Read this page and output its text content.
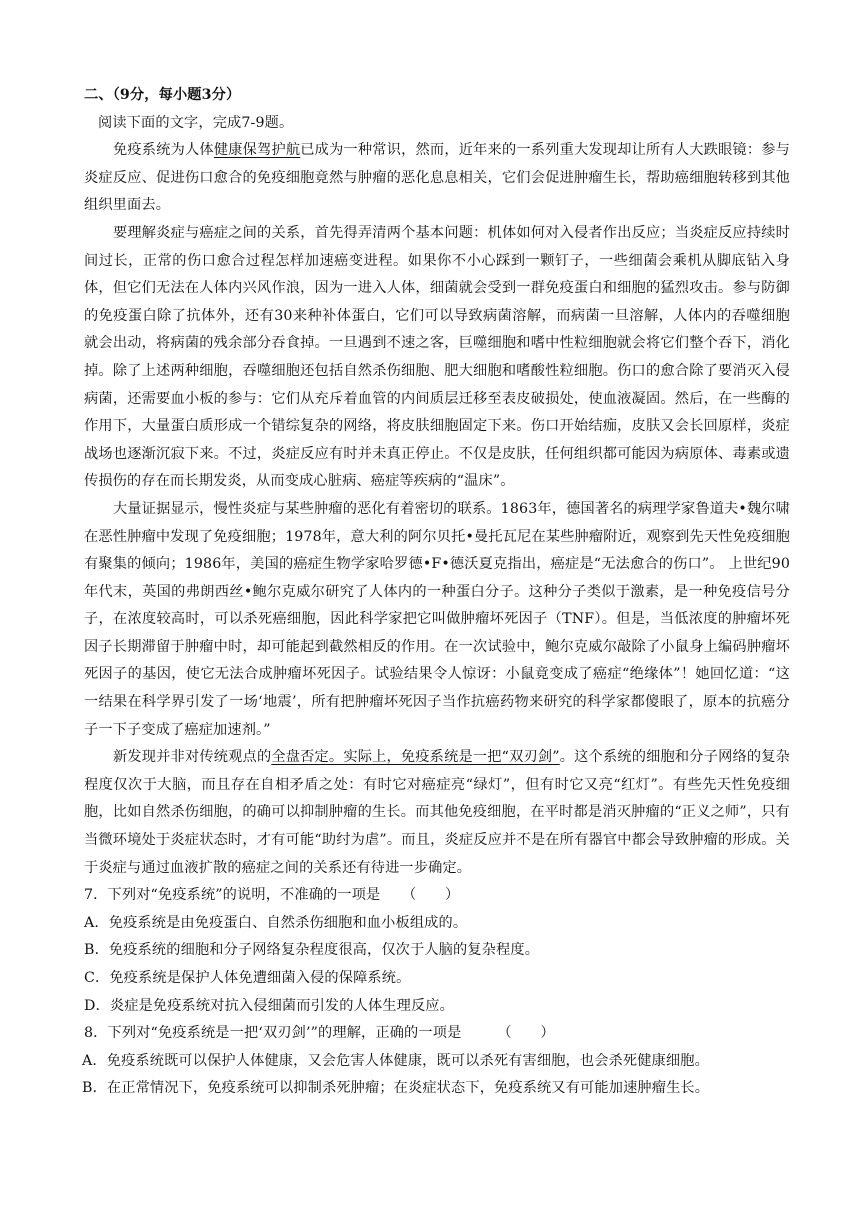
二、（9分，每小题3分）

阅读下面的文字，完成7-9题。

免疫系统为人体健康保驾护航已成为一种常识，然而，近年来的一系列重大发现却让所有人大跌眼镜：参与炎症反应、促进伤口愈合的免疫细胞竟然与肿瘤的恶化息息相关，它们会促进肿瘤生长，帮助癌细胞转移到其他组织里面去。

要理解炎症与癌症之间的关系，首先得弄清两个基本问题：机体如何对入侵者作出反应；当炎症反应持续时间过长，正常的伤口愈合过程怎样加速癌变进程。如果你不小心踩到一颗钉子，一些细菌会乘机从脚底钻入身体，但它们无法在人体内兴风作浪，因为一进入人体，细菌就会受到一群免疫蛋白和细胞的猛烈攻击。参与防御的免疫蛋白除了抗体外，还有30来种补体蛋白，它们可以导致病菌溶解，而病菌一旦溶解，人体内的吞噬细胞就会出动，将病菌的残余部分吞食掉。一旦遇到不速之客，巨噬细胞和嗜中性粒细胞就会将它们整个吞下，消化掉。除了上述两种细胞，吞噬细胞还包括自然杀伤细胞、肥大细胞和嗜酸性粒细胞。伤口的愈合除了要消灭入侵病菌，还需要血小板的参与：它们从充斥着血管的内间质层迁移至表皮破损处，使血液凝固。然后，在一些酶的作用下，大量蛋白质形成一个错综复杂的网络，将皮肤细胞固定下来。伤口开始结痂，皮肤又会长回原样，炎症战场也逐渐沉寂下来。不过，炎症反应有时并未真正停止。不仅是皮肤，任何组织都可能因为病原体、毒素或遗传损伤的存在而长期发炎，从而变成心脏病、癌症等疾病的“温床”。

大量证据显示，慢性炎症与某些肿瘤的恶化有着密切的联系。1863年，德国著名的病理学家鲁道夫•魏尔啸在恶性肿瘤中发现了免疫细胞；1978年，意大利的阿尔贝托•曼托瓦尼在某些肿瘤附近，观察到先天性免疫细胞有聚集的倾向；1986年，美国的癌症生物学家哈罗德•F•德沃夏克指出，癌症是“无法愈合的伤口”。 上世纪90年代末，英国的弗朗西丝•鲍尔克威尔研究了人体内的一种蛋白分子。这种分子类似于激素，是一种免疫信号分子，在浓度较高时，可以杀死癌细胞，因此科学家把它叫做肿瘤坏死因子（TNF）。但是，当低浓度的肿瘤坏死因子长期滞留于肿瘤中时，却可能起到截然相反的作用。在一次试验中，鲍尔克威尔敲除了小鼠身上编码肿瘤坏死因子的基因，使它无法合成肿瘤坏死因子。试验结果令人惊讶：小鼠竟变成了癌症“绝缘体”！她回忆道：“这一结果在科学界引发了一场‘地震’，所有把肿瘤坏死因子当作抗癌药物来研究的科学家都傻眼了，原本的抗癌分子一下子变成了癌症加速剂。”

新发现并非对传统观点的全盘否定。实际上，免疫系统是一把“双刃剑”。这个系统的细胞和分子网络的复杂程度仅次于大脑，而且存在自相矛盾之处：有时它对癌症亮“绿灯”，但有时它又亮“红灯”。有些先天性免疫细胞，比如自然杀伤细胞，的确可以抑制肿瘤的生长。而其他免疫细胞，在平时都是消灭肿瘤的“正义之师”，只有当微环境处于炎症状态时，才有可能“助纣为虐”。而且，炎症反应并不是在所有器官中都会导致肿瘤的形成。关于炎症与通过血液扩散的癌症之间的关系还有待进一步确定。

7．下列对“免疫系统”的说明，不准确的一项是　　（　　）

A．免疫系统是由免疫蛋白、自然杀伤细胞和血小板组成的。

B．免疫系统的细胞和分子网络复杂程度很高，仅次于人脑的复杂程度。

C．免疫系统是保护人体免遭细菌入侵的保障系统。

D．炎症是免疫系统对抗入侵细菌而引发的人体生理反应。

8．下列对“免疫系统是一把‘双刃剑’”的理解，正确的一项是　　　（　　）

A．免疫系统既可以保护人体健康，又会危害人体健康，既可以杀死有害细胞，也会杀死健康细胞。

B．在正常情况下，免疫系统可以抑制杀死肿瘤；在炎症状态下，免疫系统又有可能加速肿瘤生长。
